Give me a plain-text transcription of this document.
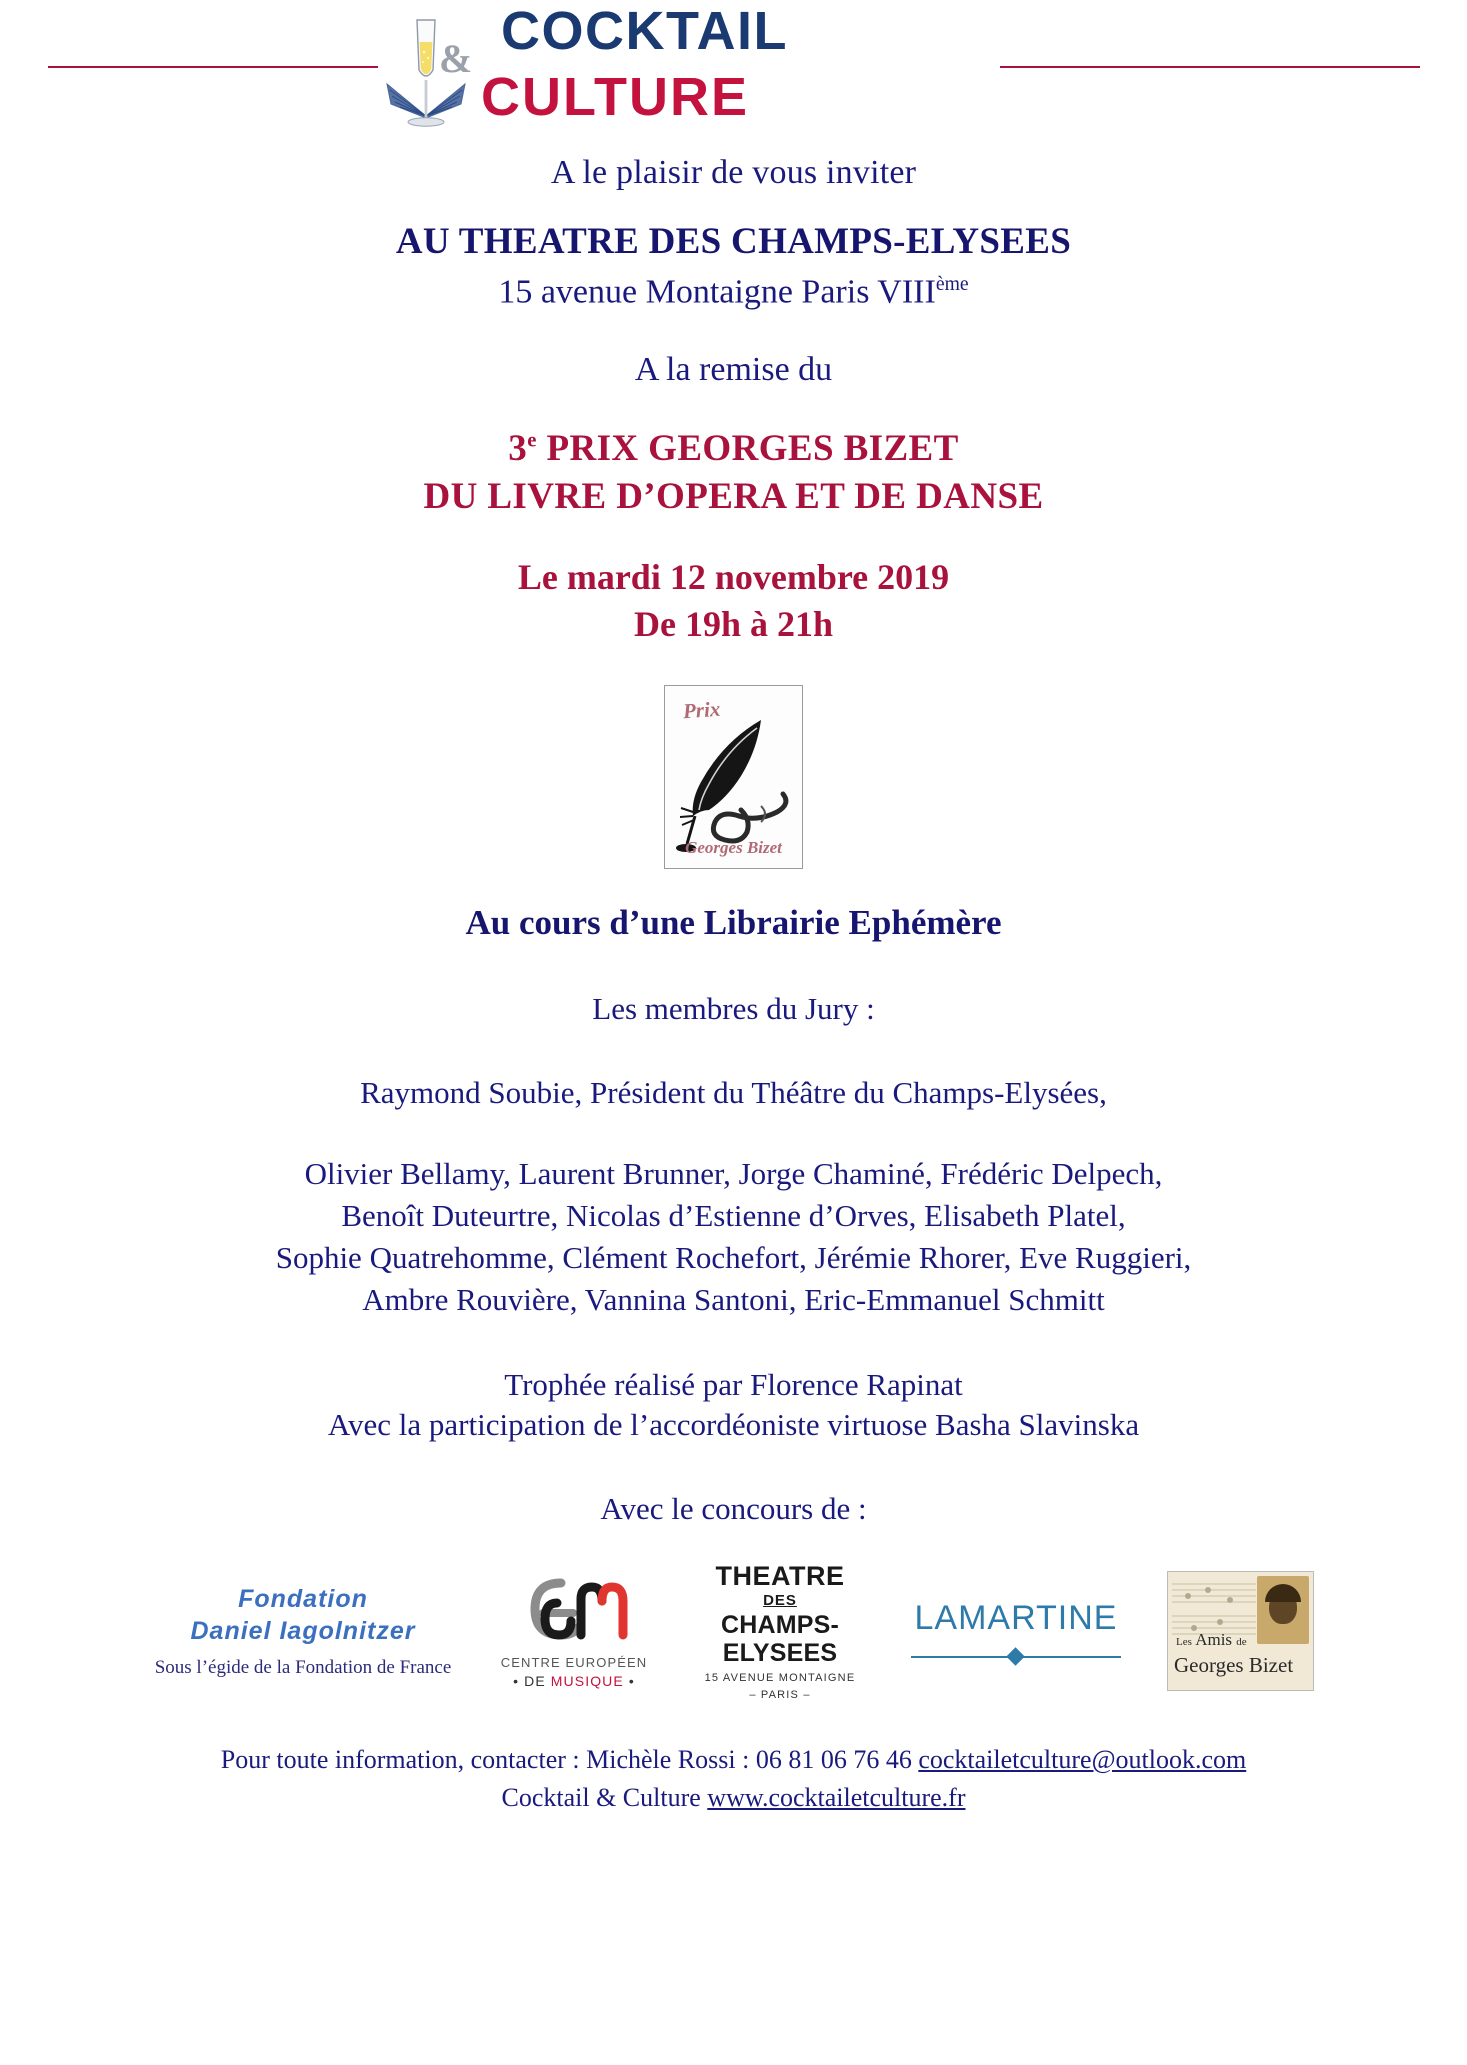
COCKTAIL
&
CULTURE
A le plaisir de vous inviter
AU THEATRE DES CHAMPS-ELYSEES
15 avenue Montaigne Paris VIIIème
A la remise du
3e PRIX GEORGES BIZET
DU LIVRE D’OPERA ET DE DANSE
Le mardi 12 novembre 2019
De 19h à 21h
Prix
Georges Bizet
Au cours d’une Librairie Ephémère
Les membres du Jury :
Raymond Soubie, Président du Théâtre du Champs-Elysées,
Olivier Bellamy, Laurent Brunner, Jorge Chaminé, Frédéric Delpech,
Benoît Duteurtre, Nicolas d’Estienne d’Orves, Elisabeth Platel,
Sophie Quatrehomme, Clément Rochefort, Jérémie Rhorer, Eve Ruggieri,
Ambre Rouvière, Vannina Santoni, Eric-Emmanuel Schmitt
Trophée réalisé par Florence Rapinat
Avec la participation de l’accordéoniste virtuose Basha Slavinska
Avec le concours de :
Fondation
Daniel Iagolnitzer
Sous l’égide de la Fondation de France	CENTRE EUROPÉEN
• DE MUSIQUE •
THEATRE
DES
CHAMPS-ELYSEES
15 AVENUE MONTAIGNE
– PARIS –
LAMARTINE
Les Amis de
Georges Bizet
Pour toute information, contacter : Michèle Rossi : 06 81 06 76 46 cocktailetculture@outlook.com
Cocktail & Culture www.cocktailetculture.fr
